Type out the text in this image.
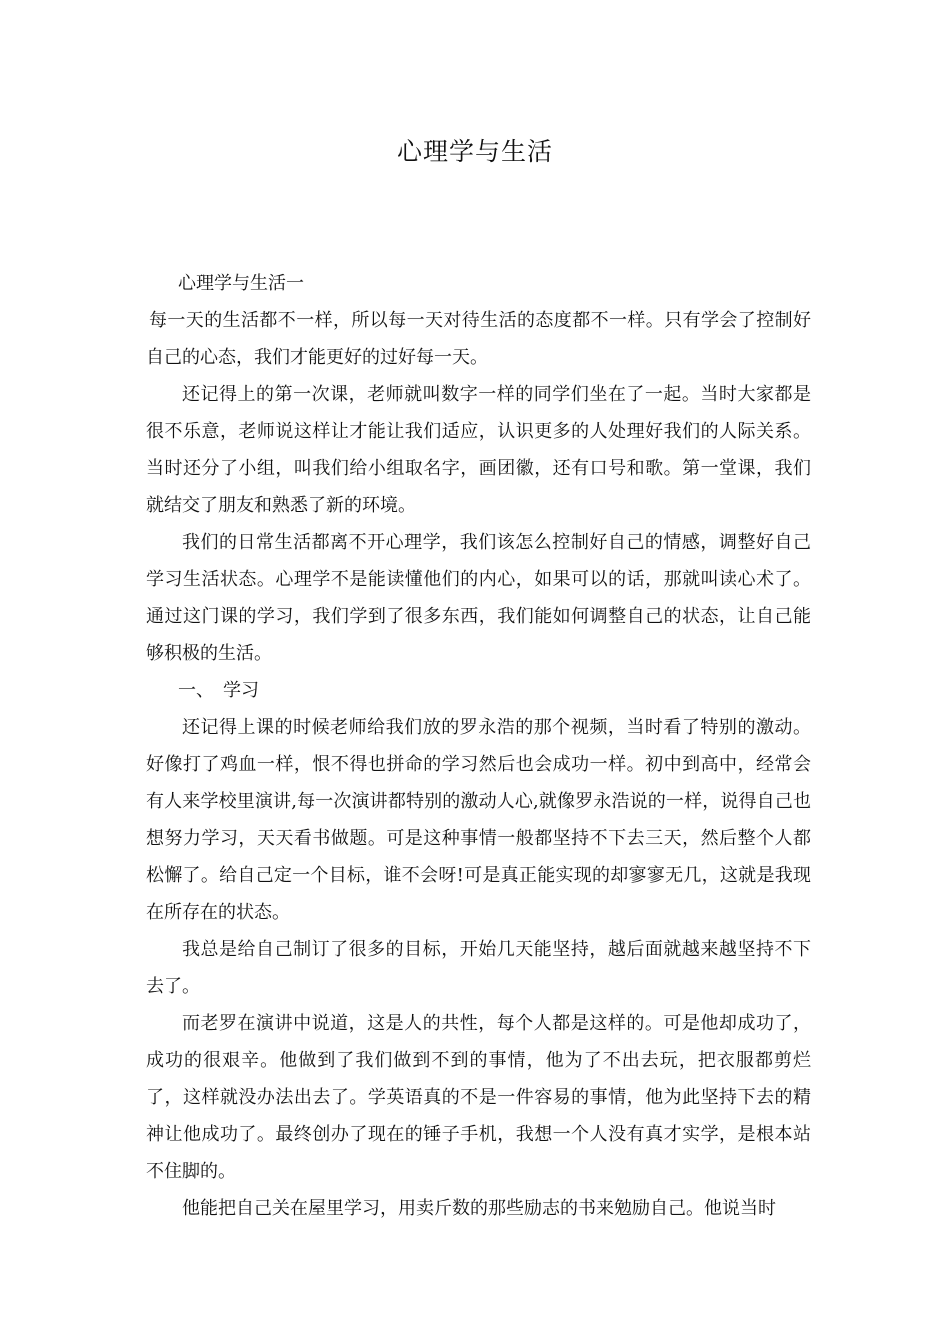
心理学与生活

心理学与生活一

每一天的生活都不一样，所以每一天对待生活的态度都不一样。只有学会了控制好自己的心态，我们才能更好的过好每一天。

还记得上的第一次课，老师就叫数字一样的同学们坐在了一起。当时大家都是很不乐意，老师说这样让才能让我们适应，认识更多的人处理好我们的人际关系。当时还分了小组，叫我们给小组取名字，画团徽，还有口号和歌。第一堂课，我们就结交了朋友和熟悉了新的环境。

我们的日常生活都离不开心理学，我们该怎么控制好自己的情感，调整好自己学习生活状态。心理学不是能读懂他们的内心，如果可以的话，那就叫读心术了。通过这门课的学习，我们学到了很多东西，我们能如何调整自己的状态，让自己能够积极的生活。

一、　学习

还记得上课的时候老师给我们放的罗永浩的那个视频，当时看了特别的激动。好像打了鸡血一样，恨不得也拼命的学习然后也会成功一样。初中到高中，经常会有人来学校里演讲,每一次演讲都特别的激动人心,就像罗永浩说的一样，说得自己也想努力学习，天天看书做题。可是这种事情一般都坚持不下去三天，然后整个人都松懈了。给自己定一个目标，谁不会呀!可是真正能实现的却寥寥无几，这就是我现在所存在的状态。

我总是给自己制订了很多的目标，开始几天能坚持，越后面就越来越坚持不下去了。

而老罗在演讲中说道，这是人的共性，每个人都是这样的。可是他却成功了，成功的很艰辛。他做到了我们做到不到的事情，他为了不出去玩，把衣服都剪烂了，这样就没办法出去了。学英语真的不是一件容易的事情，他为此坚持下去的精神让他成功了。最终创办了现在的锤子手机，我想一个人没有真才实学，是根本站不住脚的。

他能把自己关在屋里学习，用卖斤数的那些励志的书来勉励自己。他说当时
